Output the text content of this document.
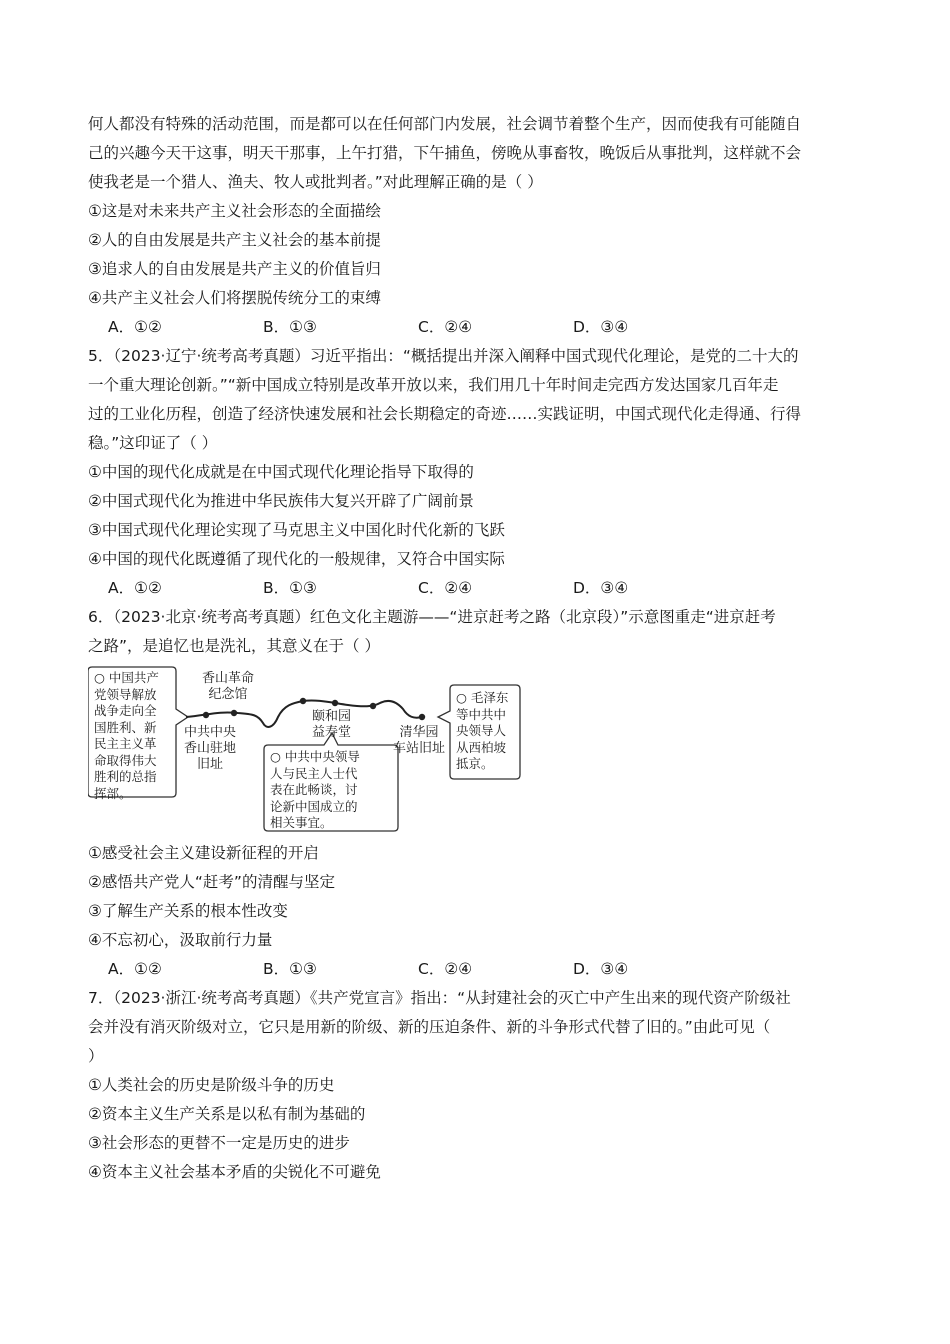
何人都没有特殊的活动范围，而是都可以在任何部门内发展，社会调节着整个生产，因而使我有可能随自
己的兴趣今天干这事，明天干那事，上午打猎，下午捕鱼，傍晚从事畜牧，晚饭后从事批判，这样就不会
使我老是一个猎人、渔夫、牧人或批判者。”对此理解正确的是（ ）
①这是对未来共产主义社会形态的全面描绘
②人的自由发展是共产主义社会的基本前提
③追求人的自由发展是共产主义的价值旨归
④共产主义社会人们将摆脱传统分工的束缚
A．①②	B．①③	C．②④	D．③④
5．（2023·辽宁·统考高考真题）习近平指出：“概括提出并深入阐释中国式现代化理论，是党的二十大的
一个重大理论创新。”“新中国成立特别是改革开放以来，我们用几十年时间走完西方发达国家几百年走
过的工业化历程，创造了经济快速发展和社会长期稳定的奇迹……实践证明，中国式现代化走得通、行得
稳。”这印证了（ ）
①中国的现代化成就是在中国式现代化理论指导下取得的
②中国式现代化为推进中华民族伟大复兴开辟了广阔前景
③中国式现代化理论实现了马克思主义中国化时代化新的飞跃
④中国的现代化既遵循了现代化的一般规律，又符合中国实际
A．①②	B．①③	C．②④	D．③④
6．（2023·北京·统考高考真题）红色文化主题游——“进京赶考之路（北京段）”示意图重走“进京赶考
之路”，是追忆也是洗礼，其意义在于（ ）
○ 中国共产
党领导解放
战争走向全
国胜利、新
民主主义革
命取得伟大
胜利的总指
挥部。
香山革命
纪念馆
中共中央
香山驻地
旧址
颐和园
益寿堂	清华园
车站旧址
○ 毛泽东
等中共中
央领导人
从西柏坡
抵京。
○ 中共中央领导
人与民主人士代
表在此畅谈，讨
论新中国成立的
相关事宜。
①感受社会主义建设新征程的开启
②感悟共产党人“赶考”的清醒与坚定
③了解生产关系的根本性改变
④不忘初心，汲取前行力量
A．①②	B．①③	C．②④	D．③④
7．（2023·浙江·统考高考真题）《共产党宣言》指出：“从封建社会的灭亡中产生出来的现代资产阶级社
会并没有消灭阶级对立，它只是用新的阶级、新的压迫条件、新的斗争形式代替了旧的。”由此可见（
）
①人类社会的历史是阶级斗争的历史
②资本主义生产关系是以私有制为基础的
③社会形态的更替不一定是历史的进步
④资本主义社会基本矛盾的尖锐化不可避免
